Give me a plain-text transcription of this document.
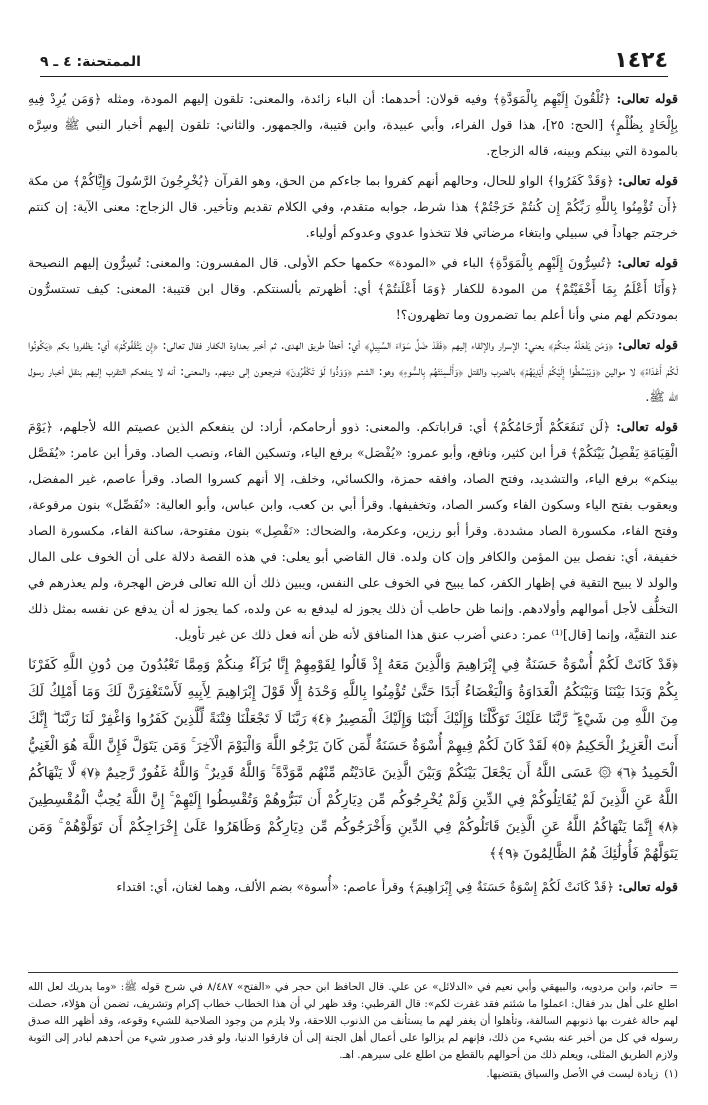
١٤٢٤
الممتحنة: ٤ ـ ٩

قوله تعالى: ﴿تُلْقُونَ إِلَيْهِم بِالْمَوَدَّةِ﴾ وفيه قولان: أحدهما: أن الباء زائدة، والمعنى: تلقون إليهم المودة، ومثله ﴿وَمَن يُرِدْ فِيهِ بِإِلْحَادٍ بِظُلْمٍ﴾ [الحج: ٢٥]، هذا قول الفراء، وأبي عبيدة، وابن قتيبة، والجمهور. والثاني: تلقون إليهم أخبار النبي ﷺ وسِرَّه بالمودة التي بينكم وبينه، قاله الزجاج.

قوله تعالى: ﴿وَقَدْ كَفَرُوا﴾ الواو للحال، وحالهم أنهم كفروا بما جاءكم من الحق، وهو القرآن ﴿يُخْرِجُونَ الرَّسُولَ وَإِيَّاكُمْ﴾ من مكة ﴿أَن تُؤْمِنُوا بِاللَّهِ رَبِّكُمْ إِن كُنتُمْ خَرَجْتُمْ﴾ هذا شرط، جوابه متقدم، وفي الكلام تقديم وتأخير. قال الزجاج: معنى الآية: إن كنتم خرجتم جهاداً في سبيلي وابتغاء مرضاتي فلا تتخذوا عدوي وعدوكم أولياء.

قوله تعالى: ﴿تُسِرُّونَ إِلَيْهِم بِالْمَوَدَّةِ﴾ الباء في «المودة» حكمها حكم الأولى. قال المفسرون: والمعنى: تُسِرُّون إليهم النصيحة ﴿وَأَنَا أَعْلَمُ بِمَا أَخْفَيْتُمْ﴾ من المودة للكفار ﴿وَمَا أَعْلَنتُمْ﴾ أي: أظهرتم بألسنتكم. وقال ابن قتيبة: المعنى: كيف تستسرُّون بمودتكم لهم مني وأنا أعلم بما تضمرون وما تظهرون؟!

قوله تعالى: ﴿وَمَن يَفْعَلْهُ مِنكُمْ﴾ يعني: الإسرار والإلقاء إليهم ﴿فَقَدْ ضَلَّ سَوَاءَ السَّبِيلِ﴾ أي: أخطأ طريق الهدى. ثم أخبر بعداوة الكفار فقال تعالى: ﴿إِن يَثْقَفُوكُمْ﴾ أي: يظفروا بكم ﴿يَكُونُوا لَكُمْ أَعْدَاءً﴾ لا موالين ﴿وَيَبْسُطُوا إِلَيْكُمْ أَيْدِيَهُمْ﴾ بالضرب والقتل ﴿وَأَلْسِنَتَهُم بِالسُّوءِ﴾ وهو: الشتم ﴿وَوَدُّوا لَوْ تَكْفُرُونَ﴾ فترجعون إلى دينهم. والمعنى: أنه لا ينفعكم التقرب إليهم بنقل أخبار رسول الله ﷺ.

قوله تعالى: ﴿لَن تَنفَعَكُمْ أَرْحَامُكُمْ﴾ أي: قراباتكم. والمعنى: ذوو أرحامكم، أراد: لن ينفعكم الذين عصيتم الله لأجلهم، ﴿يَوْمَ الْقِيَامَةِ يَفْصِلُ بَيْنَكُمْ﴾ قرأ ابن كثير، ونافع، وأبو عمرو: «يُفْصَل» برفع الياء، وتسكين الفاء، ونصب الصاد. وقرأ ابن عامر: «يُفَصَّل بينكم» برفع الياء، والتشديد، وفتح الصاد، وافقه حمزة، والكسائي، وخلف، إلا أنهم كسروا الصاد. وقرأ عاصم، غير المفضل، ويعقوب بفتح الياء وسكون الفاء وكسر الصاد، وتخفيفها. وقرأ أبي بن كعب، وابن عباس، وأبو العالية: «نُفَصِّل» بنون مرفوعة، وفتح الفاء، مكسورة الصاد مشددة. وقرأ أبو رزين، وعكرمة، والضحاك: «نَفْصِل» بنون مفتوحة، ساكنة الفاء، مكسورة الصاد خفيفة، أي: نفصل بين المؤمن والكافر وإن كان ولده. قال القاضي أبو يعلى: في هذه القصة دلالة على أن الخوف على المال والولد لا يبيح التقية في إظهار الكفر، كما يبيح في الخوف على النفس، ويبين ذلك أن الله تعالى فرض الهجرة، ولم يعذرهم في التخلُّف لأجل أموالهم وأولادهم. وإنما ظن حاطب أن ذلك يجوز له ليدفع به عن ولده، كما يجوز له أن يدفع عن نفسه بمثل ذلك عند التقيَّة، وإنما [قال]⁽¹⁾ عمر: دعني أضرب عنق هذا المنافق لأنه ظن أنه فعل ذلك عن غير تأويل.

﴿قَدْ كَانَتْ لَكُمْ أُسْوَةٌ حَسَنَةٌ فِي إِبْرَاهِيمَ وَالَّذِينَ مَعَهُ إِذْ قَالُوا لِقَوْمِهِمْ إِنَّا بُرَآءُ مِنكُمْ وَمِمَّا تَعْبُدُونَ مِن دُونِ اللَّهِ كَفَرْنَا بِكُمْ وَبَدَا بَيْنَنَا وَبَيْنَكُمُ الْعَدَاوَةُ وَالْبَغْضَاءُ أَبَدًا حَتَّىٰ تُؤْمِنُوا بِاللَّهِ وَحْدَهُ إِلَّا قَوْلَ إِبْرَاهِيمَ لِأَبِيهِ لَأَسْتَغْفِرَنَّ لَكَ وَمَا أَمْلِكُ لَكَ مِنَ اللَّهِ مِن شَيْءٍ ۖ رَّبَّنَا عَلَيْكَ تَوَكَّلْنَا وَإِلَيْكَ أَنَبْنَا وَإِلَيْكَ الْمَصِيرُ ﴿٤﴾ رَبَّنَا لَا تَجْعَلْنَا فِتْنَةً لِّلَّذِينَ كَفَرُوا وَاغْفِرْ لَنَا رَبَّنَا ۖ إِنَّكَ أَنتَ الْعَزِيزُ الْحَكِيمُ ﴿٥﴾ لَقَدْ كَانَ لَكُمْ فِيهِمْ أُسْوَةٌ حَسَنَةٌ لِّمَن كَانَ يَرْجُو اللَّهَ وَالْيَوْمَ الْآخِرَ ۚ وَمَن يَتَوَلَّ فَإِنَّ اللَّهَ هُوَ الْغَنِيُّ الْحَمِيدُ ﴿٦﴾ ۞ عَسَى اللَّهُ أَن يَجْعَلَ بَيْنَكُمْ وَبَيْنَ الَّذِينَ عَادَيْتُم مِّنْهُم مَّوَدَّةً ۚ وَاللَّهُ قَدِيرٌ ۚ وَاللَّهُ غَفُورٌ رَّحِيمٌ ﴿٧﴾ لَّا يَنْهَاكُمُ اللَّهُ عَنِ الَّذِينَ لَمْ يُقَاتِلُوكُمْ فِي الدِّينِ وَلَمْ يُخْرِجُوكُم مِّن دِيَارِكُمْ أَن تَبَرُّوهُمْ وَتُقْسِطُوا إِلَيْهِمْ ۚ إِنَّ اللَّهَ يُحِبُّ الْمُقْسِطِينَ ﴿٨﴾ إِنَّمَا يَنْهَاكُمُ اللَّهُ عَنِ الَّذِينَ قَاتَلُوكُمْ فِي الدِّينِ وَأَخْرَجُوكُم مِّن دِيَارِكُمْ وَظَاهَرُوا عَلَىٰ إِخْرَاجِكُمْ أَن تَوَلَّوْهُمْ ۚ وَمَن يَتَوَلَّهُمْ فَأُولَٰئِكَ هُمُ الظَّالِمُونَ ﴿٩﴾﴾

قوله تعالى: ﴿قَدْ كَانَتْ لَكُمْ إِسْوَةٌ حَسَنَةٌ فِي إِبْرَاهِيمَ﴾ وقرأ عاصم: «أُسوة» بضم الألف، وهما لغتان، أي: اقتداء

=حاتم، وابن مردويه، والبيهقي وأبي نعيم في «الدلائل» عن علي. قال الحافظ ابن حجر في «الفتح» ٨/٤٨٧ في شرح قوله ﷺ: «وما يدريك لعل الله اطلع على أهل بدر فقال: اعملوا ما شئتم فقد غفرت لكم»: قال القرطبي: وقد ظهر لي أن هذا الخطاب خطاب إكرام وتشريف، تضمن أن هؤلاء، حصلت لهم حالة غفرت بها ذنوبهم السالفة، وتأهلوا أن يغفر لهم ما يستأنف من الذنوب اللاحقة، ولا يلزم من وجود الصلاحية للشيء وقوعه، وقد أظهر الله صدق رسوله في كل من أخبر عنه بشيء من ذلك، فإنهم لم يزالوا على أعمال أهل الجنة إلى أن فارقوا الدنيا، ولو قدر صدور شيء من أحدهم لبادر إلى التوبة ولازم الطريق المثلى، ويعلم ذلك من أحوالهم بالقطع من اطلع على سيرهم. اهـ.

(١)زيادة ليست في الأصل والسياق يقتضيها.
